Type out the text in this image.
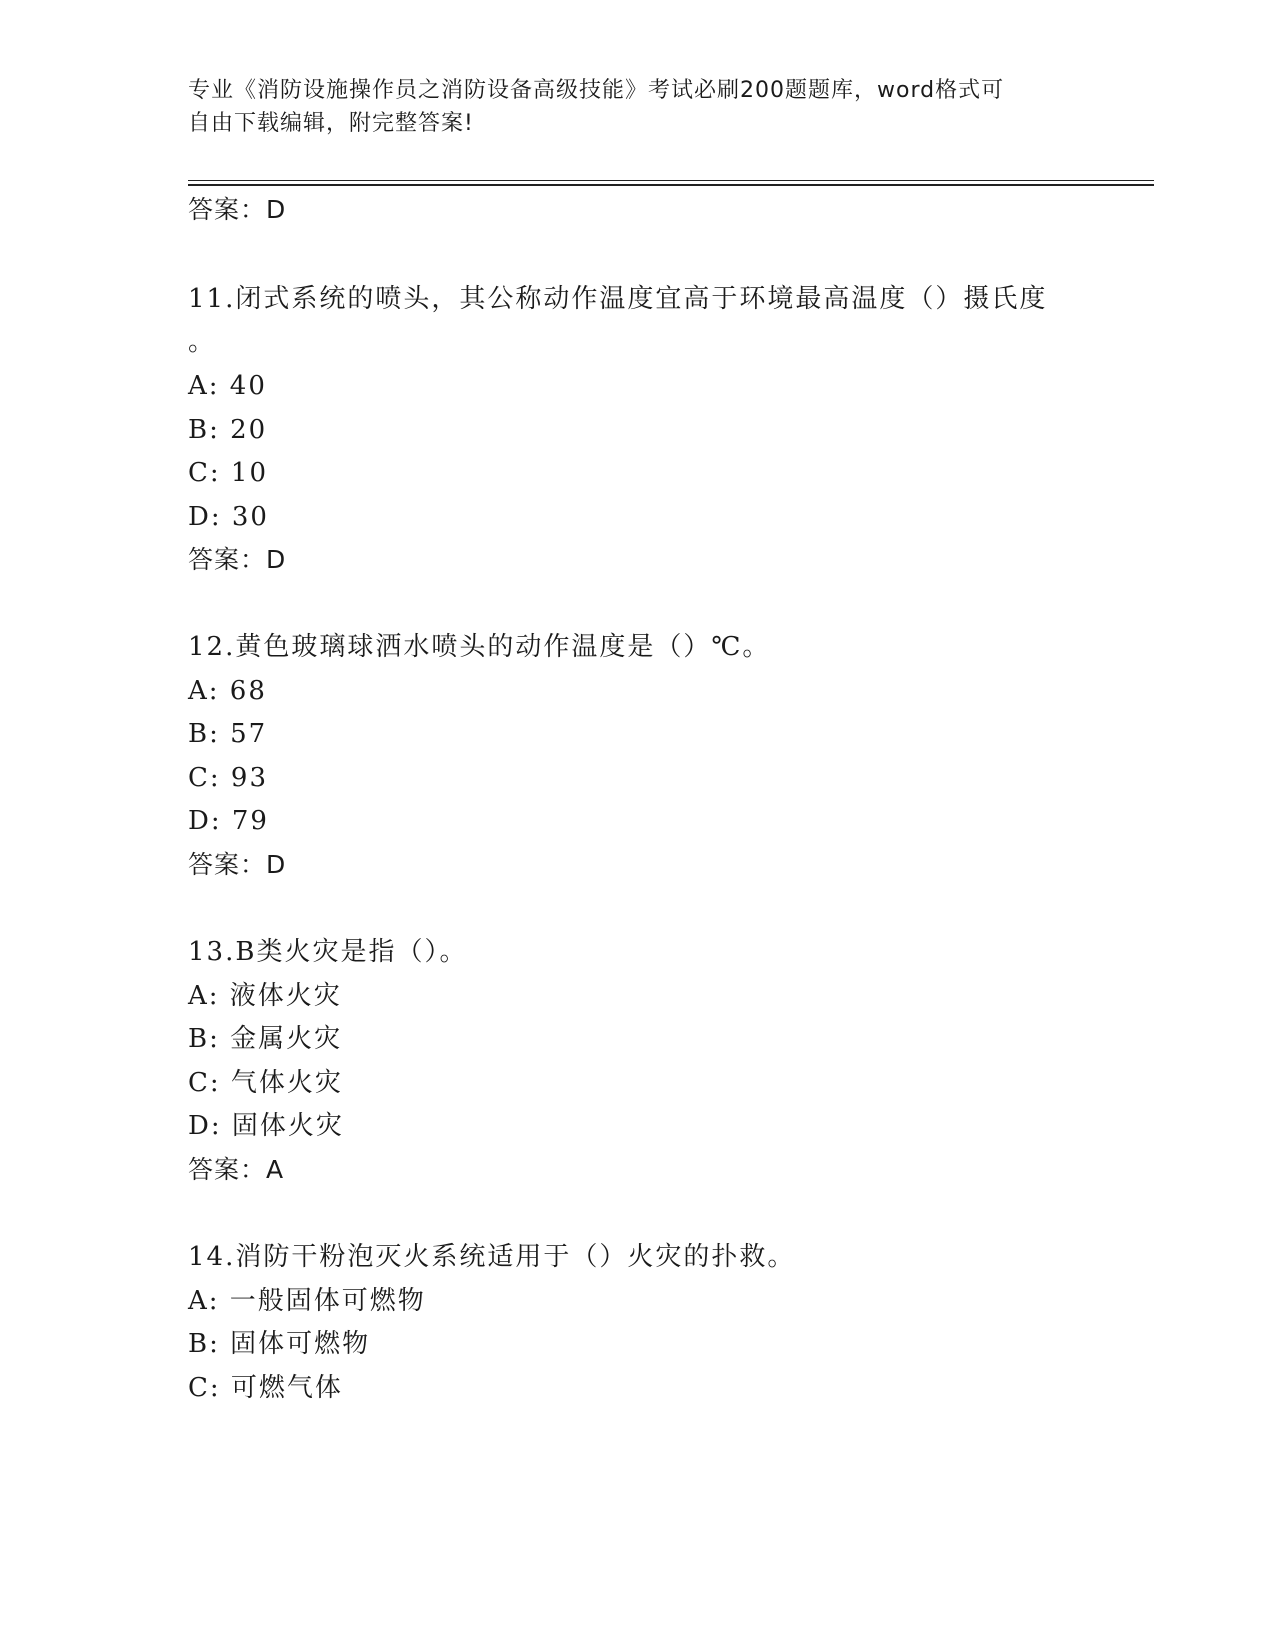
专业《消防设施操作员之消防设备高级技能》考试必刷200题题库，word格式可
自由下载编辑，附完整答案!
答案：D
11.闭式系统的喷头，其公称动作温度宜高于环境最高温度（）摄氏度
。
A: 40
B: 20
C: 10
D: 30
答案：D
12.黄色玻璃球洒水喷头的动作温度是（）℃。
A: 68
B: 57
C: 93
D: 79
答案：D
13.B类火灾是指（）。
A: 液体火灾
B: 金属火灾
C: 气体火灾
D: 固体火灾
答案：A
14.消防干粉泡灭火系统适用于（）火灾的扑救。
A: 一般固体可燃物
B: 固体可燃物
C: 可燃气体
